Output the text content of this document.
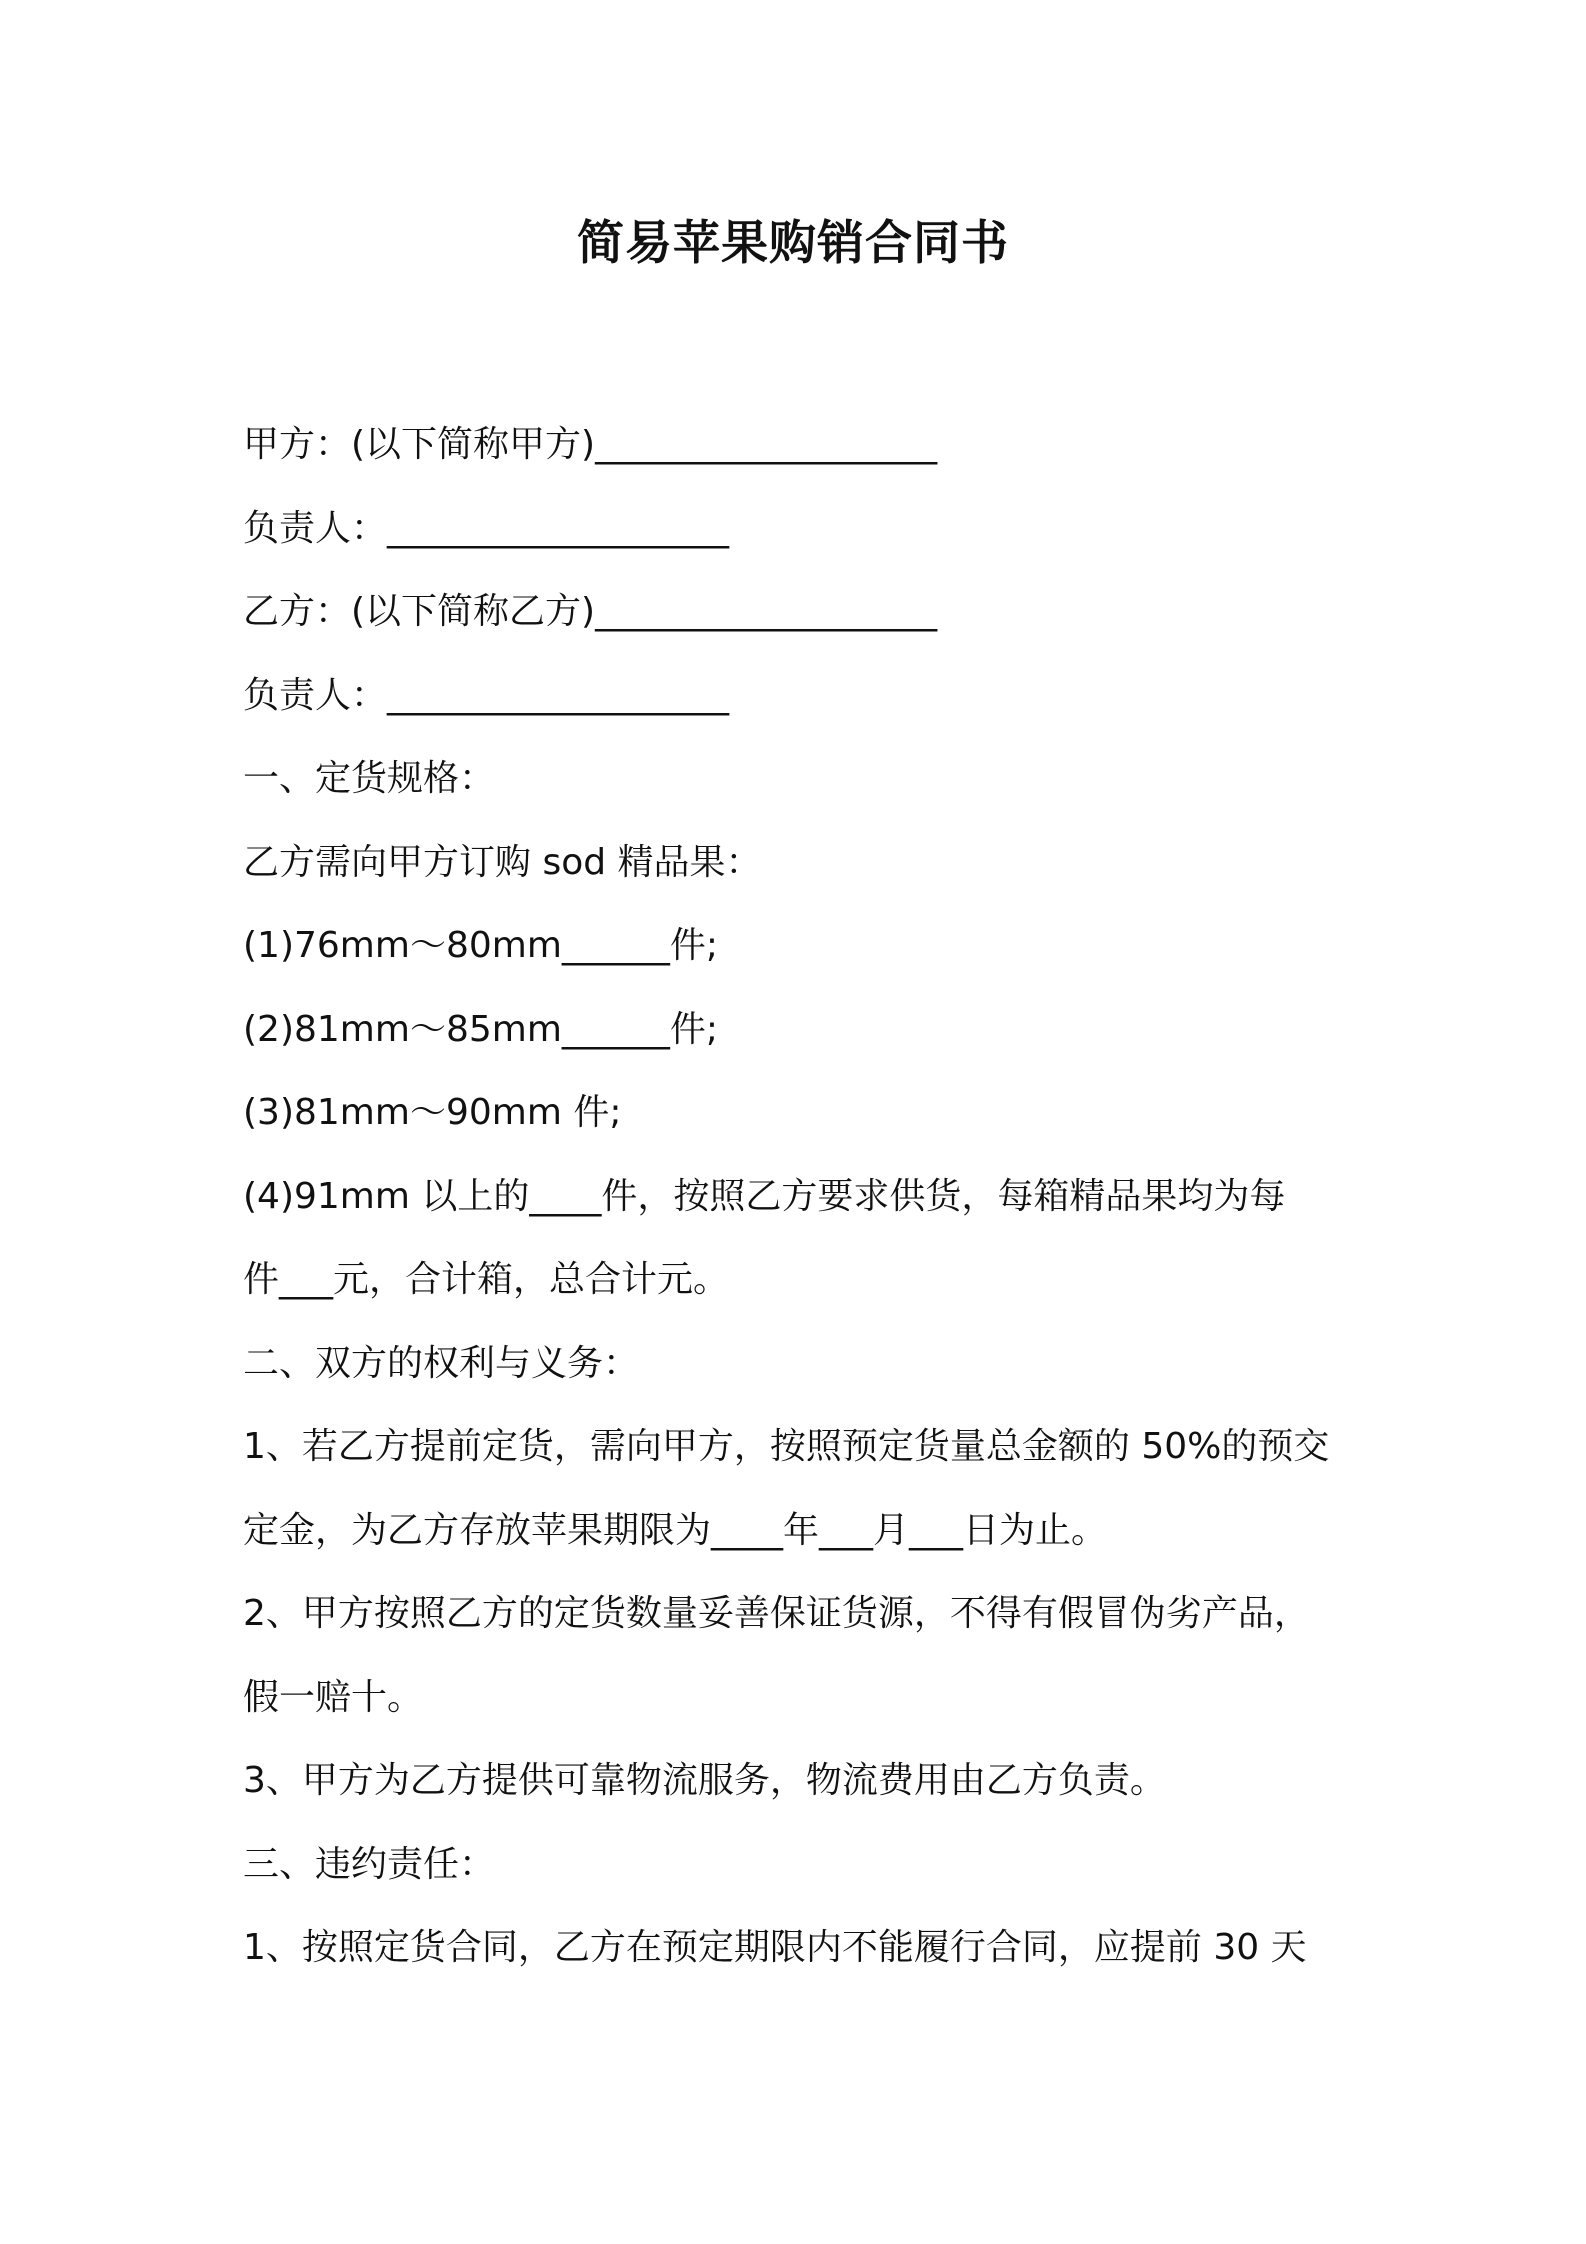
简易苹果购销合同书
甲方：(以下简称甲方)___________________
负责人：___________________
乙方：(以下简称乙方)___________________
负责人：___________________
一、定货规格：
乙方需向甲方订购 sod 精品果：
(1)76mm～80mm______件;
(2)81mm～85mm______件;
(3)81mm～90mm 件;
(4)91mm 以上的____件，按照乙方要求供货，每箱精品果均为每
件___元，合计箱，总合计元。
二、双方的权利与义务：
1、若乙方提前定货，需向甲方，按照预定货量总金额的 50%的预交
定金，为乙方存放苹果期限为____年___月___日为止。
2、甲方按照乙方的定货数量妥善保证货源，不得有假冒伪劣产品，
假一赔十。
3、甲方为乙方提供可靠物流服务，物流费用由乙方负责。
三、违约责任：
1、按照定货合同，乙方在预定期限内不能履行合同，应提前 30 天
